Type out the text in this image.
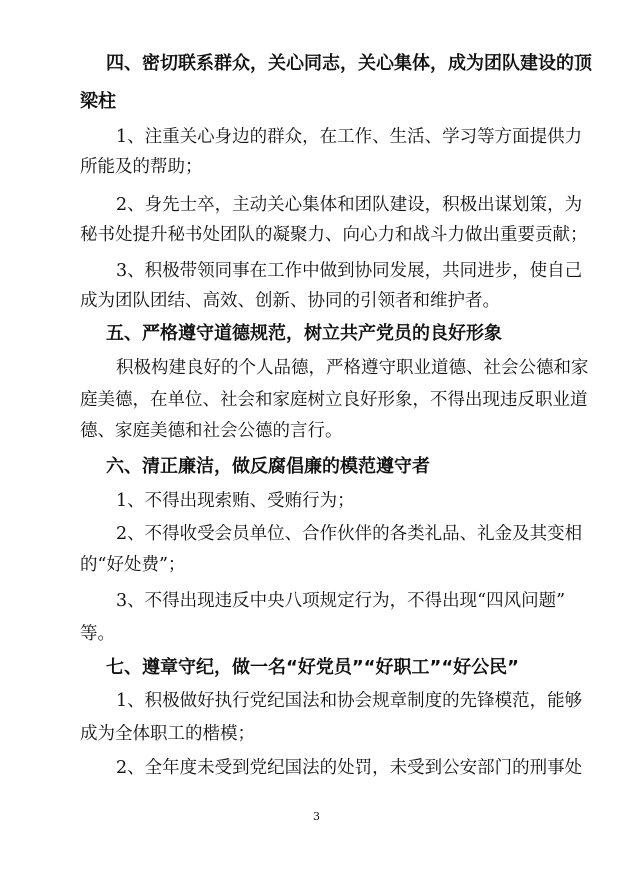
四、密切联系群众，关心同志，关心集体，成为团队建设的顶
梁柱
1、注重关心身边的群众，在工作、生活、学习等方面提供力
所能及的帮助；
2、身先士卒，主动关心集体和团队建设，积极出谋划策，为
秘书处提升秘书处团队的凝聚力、向心力和战斗力做出重要贡献；
3、积极带领同事在工作中做到协同发展，共同进步，使自己
成为团队团结、高效、创新、协同的引领者和维护者。
五、严格遵守道德规范，树立共产党员的良好形象
积极构建良好的个人品德，严格遵守职业道德、社会公德和家
庭美德，在单位、社会和家庭树立良好形象，不得出现违反职业道
德、家庭美德和社会公德的言行。
六、清正廉洁，做反腐倡廉的模范遵守者
1、不得出现索贿、受贿行为；
2、不得收受会员单位、合作伙伴的各类礼品、礼金及其变相
的“好处费”；
3、不得出现违反中央八项规定行为，不得出现“四风问题”
等。
七、遵章守纪，做一名“好党员”“好职工”“好公民”
1、积极做好执行党纪国法和协会规章制度的先锋模范，能够
成为全体职工的楷模；
2、全年度未受到党纪国法的处罚，未受到公安部门的刑事处
3
